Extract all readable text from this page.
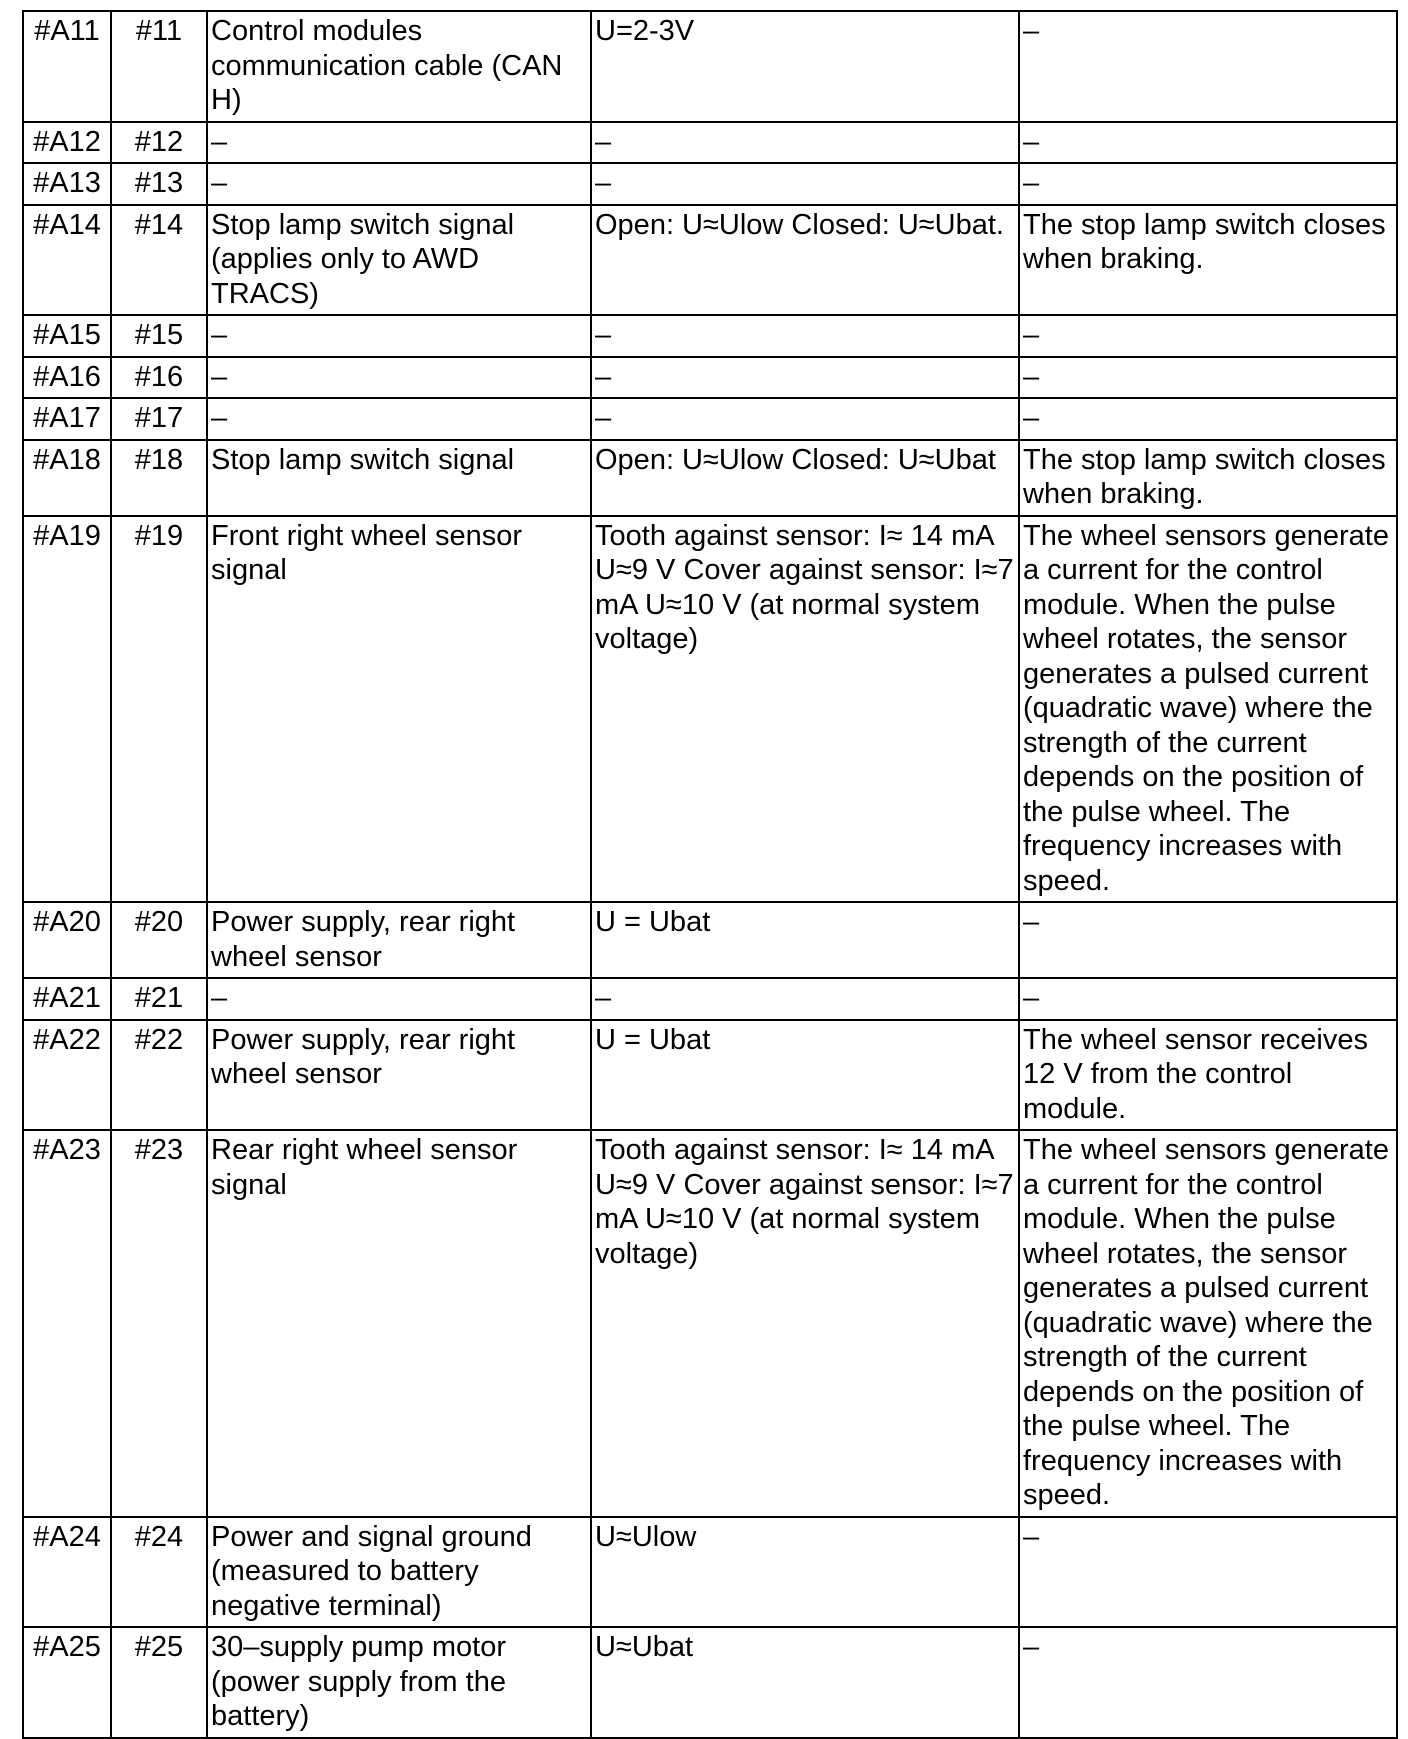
#A11	#11	Control modules communication cable (CAN H)	U=2-3V	–
#A12	#12	–	–	–
#A13	#13	–	–	–
#A14	#14	Stop lamp switch signal (applies only to AWD TRACS)	Open: U≈Ulow Closed: U≈Ubat.	The stop lamp switch closes when braking.
#A15	#15	–	–	–
#A16	#16	–	–	–
#A17	#17	–	–	–
#A18	#18	Stop lamp switch signal	Open: U≈Ulow Closed: U≈Ubat	The stop lamp switch closes when braking.
#A19	#19	Front right wheel sensor signal	Tooth against sensor: I≈ 14 mA U≈9 V Cover against sensor: I≈7 mA U≈10 V (at normal system voltage)	The wheel sensors generate a current for the control module. When the pulse wheel rotates, the sensor generates a pulsed current (quadratic wave) where the strength of the current depends on the position of the pulse wheel. The frequency increases with speed.
#A20	#20	Power supply, rear right wheel sensor	U = Ubat	–
#A21	#21	–	–	–
#A22	#22	Power supply, rear right wheel sensor	U = Ubat	The wheel sensor receives 12 V from the control module.
#A23	#23	Rear right wheel sensor signal	Tooth against sensor: I≈ 14 mA U≈9 V Cover against sensor: I≈7 mA U≈10 V (at normal system voltage)	The wheel sensors generate a current for the control module. When the pulse wheel rotates, the sensor generates a pulsed current (quadratic wave) where the strength of the current depends on the position of the pulse wheel. The frequency increases with speed.
#A24	#24	Power and signal ground (measured to battery negative terminal)	U≈Ulow	–
#A25	#25	30–supply pump motor (power supply from the battery)	U≈Ubat	–
